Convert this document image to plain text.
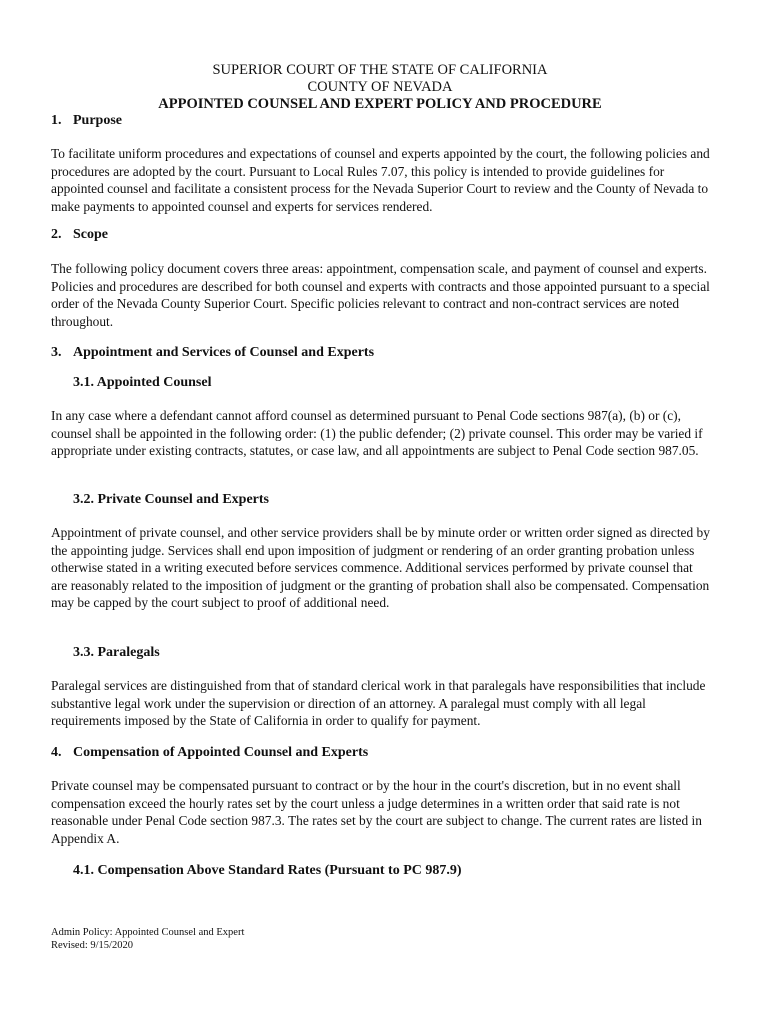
SUPERIOR COURT OF THE STATE OF CALIFORNIA
COUNTY OF NEVADA
APPOINTED COUNSEL AND EXPERT POLICY AND PROCEDURE
1. Purpose

To facilitate uniform procedures and expectations of counsel and experts appointed by the court, the following policies and procedures are adopted by the court. Pursuant to Local Rules 7.07, this policy is intended to provide guidelines for appointed counsel and facilitate a consistent process for the Nevada Superior Court to review and the County of Nevada to make payments to appointed counsel and experts for services rendered.

2. Scope

The following policy document covers three areas: appointment, compensation scale, and payment of counsel and experts. Policies and procedures are described for both counsel and experts with contracts and those appointed pursuant to a special order of the Nevada County Superior Court. Specific policies relevant to contract and non-contract services are noted throughout.

3. Appointment and Services of Counsel and Experts
3.1. Appointed Counsel

In any case where a defendant cannot afford counsel as determined pursuant to Penal Code sections 987(a), (b) or (c), counsel shall be appointed in the following order: (1) the public defender; (2) private counsel. This order may be varied if appropriate under existing contracts, statutes, or case law, and all appointments are subject to Penal Code section 987.05.

3.2. Private Counsel and Experts

Appointment of private counsel, and other service providers shall be by minute order or written order signed as directed by the appointing judge. Services shall end upon imposition of judgment or rendering of an order granting probation unless otherwise stated in a writing executed before services commence. Additional services performed by private counsel that are reasonably related to the imposition of judgment or the granting of probation shall also be compensated. Compensation may be capped by the court subject to proof of additional need.

3.3. Paralegals

Paralegal services are distinguished from that of standard clerical work in that paralegals have responsibilities that include substantive legal work under the supervision or direction of an attorney. A paralegal must comply with all legal requirements imposed by the State of California in order to qualify for payment.

4. Compensation of Appointed Counsel and Experts

Private counsel may be compensated pursuant to contract or by the hour in the court's discretion, but in no event shall compensation exceed the hourly rates set by the court unless a judge determines in a written order that said rate is not reasonable under Penal Code section 987.3. The rates set by the court are subject to change. The current rates are listed in Appendix A.

4.1. Compensation Above Standard Rates (Pursuant to PC 987.9)
Admin Policy: Appointed Counsel and Expert
Revised: 9/15/2020
